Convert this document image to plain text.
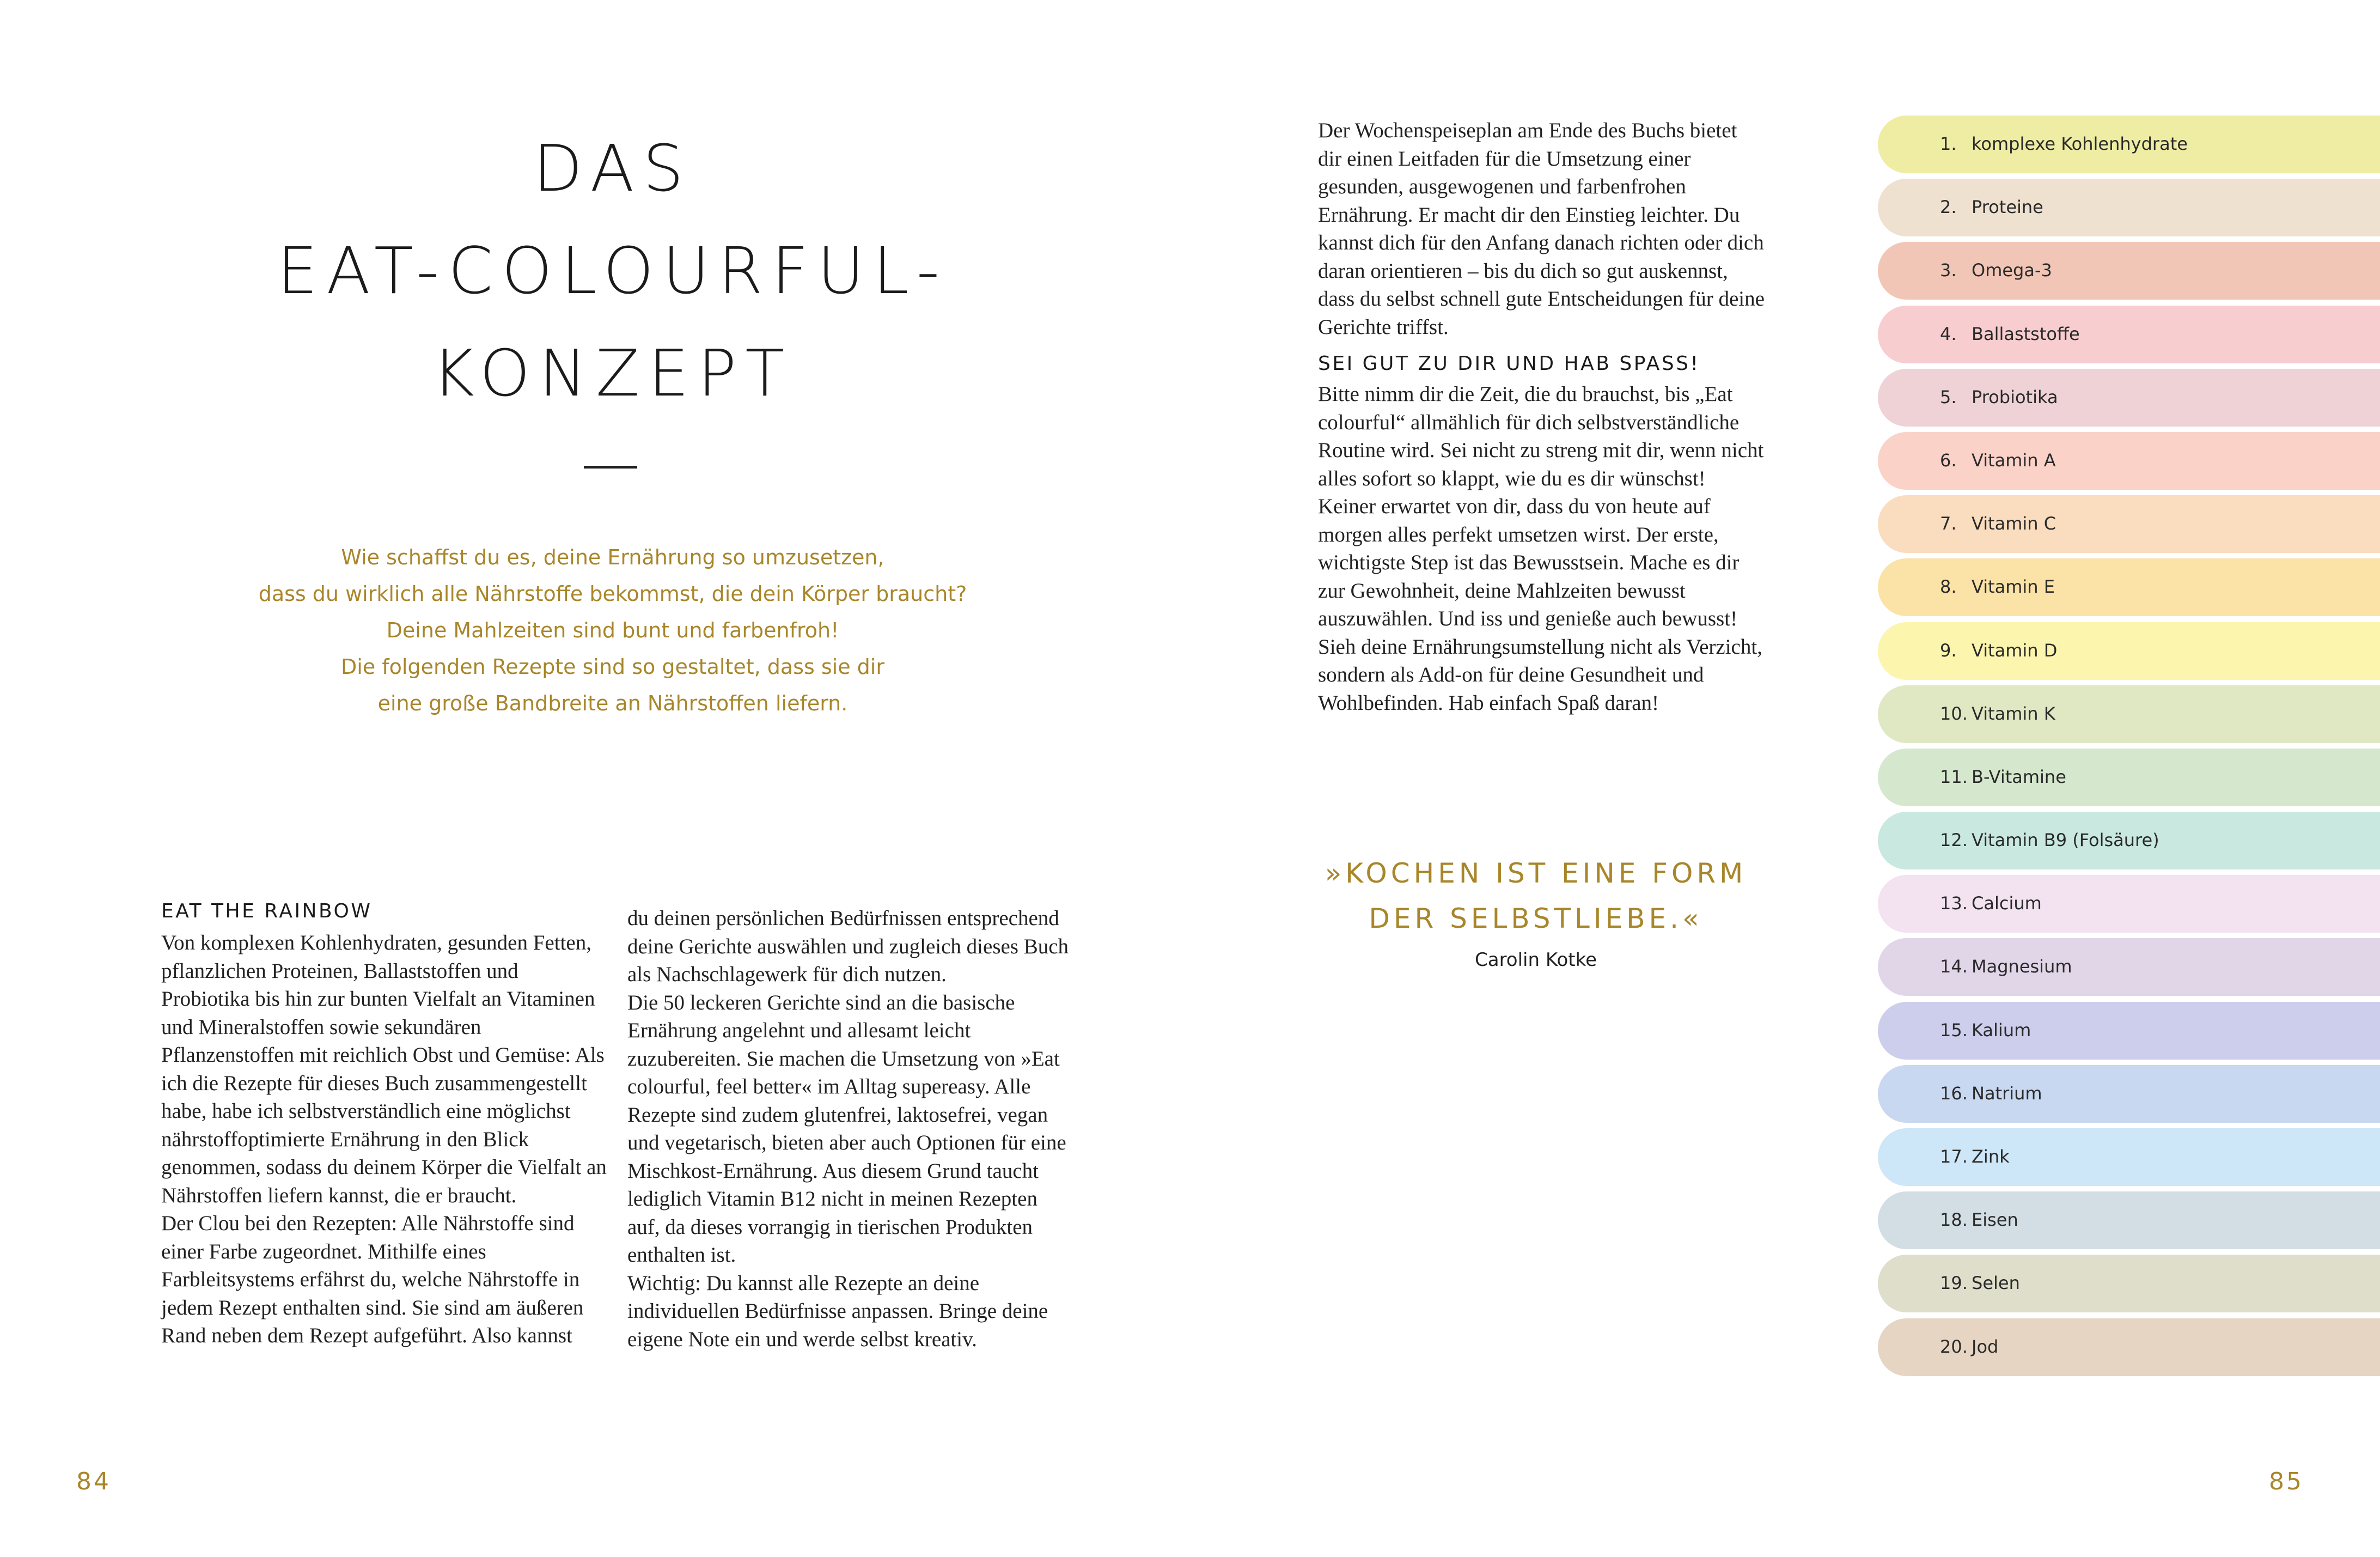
DAS
EAT-COLOURFUL-
KONZEPT
Wie schaffst du es, deine Ernährung so umzusetzen,
dass du wirklich alle Nährstoffe bekommst, die dein Körper braucht?
Deine Mahlzeiten sind bunt und farbenfroh!
Die folgenden Rezepte sind so gestaltet, dass sie dir
eine große Bandbreite an Nährstoffen liefern.
EAT THE RAINBOW

Von komplexen Kohlenhydraten, gesunden Fetten, pflanzlichen Proteinen, Ballaststoffen und Probiotika bis hin zur bunten Vielfalt an Vitaminen und Mineralstoffen sowie sekundären Pflanzenstoffen mit reichlich Obst und Gemüse: Als ich die Rezepte für dieses Buch zusammengestellt habe, habe ich selbstverständlich eine möglichst nährstoffoptimierte Ernährung in den Blick genommen, sodass du deinem Körper die Vielfalt an Nährstoffen liefern kannst, die er braucht.

Der Clou bei den Rezepten: Alle Nährstoffe sind einer Farbe zugeordnet. Mithilfe eines Farbleitsystems erfährst du, welche Nährstoffe in jedem Rezept enthalten sind. Sie sind am äußeren Rand neben dem Rezept aufgeführt. Also kannst

du deinen persönlichen Bedürfnissen entsprechend deine Gerichte auswählen und zugleich dieses Buch als Nachschlagewerk für dich nutzen.

Die 50 leckeren Gerichte sind an die basische Ernährung angelehnt und allesamt leicht zuzubereiten. Sie machen die Umsetzung von »Eat colourful, feel better« im Alltag supereasy. Alle Rezepte sind zudem glutenfrei, laktosefrei, vegan und vegetarisch, bieten aber auch Optionen für eine Mischkost-Ernährung. Aus diesem Grund taucht lediglich Vitamin B12 nicht in meinen Rezepten auf, da dieses vorrangig in tierischen Produkten enthalten ist.

Wichtig: Du kannst alle Rezepte an deine individuellen Bedürfnisse anpassen. Bringe deine eigene Note ein und werde selbst kreativ.

84

Der Wochenspeiseplan am Ende des Buchs bietet dir einen Leitfaden für die Umsetzung einer gesunden, ausgewogenen und farbenfrohen Ernährung. Er macht dir den Einstieg leichter. Du kannst dich für den Anfang danach richten oder dich daran orientieren – bis du dich so gut auskennst, dass du selbst schnell gute Entscheidungen für deine Gerichte triffst.

SEI GUT ZU DIR UND HAB SPASS!

Bitte nimm dir die Zeit, die du brauchst, bis „Eat colourful“ allmählich für dich selbstverständliche Routine wird. Sei nicht zu streng mit dir, wenn nicht alles sofort so klappt, wie du es dir wünschst! Keiner erwartet von dir, dass du von heute auf morgen alles perfekt umsetzen wirst. Der erste, wichtigste Step ist das Bewusstsein. Mache es dir zur Gewohnheit, deine Mahlzeiten bewusst auszuwählen. Und iss und genieße auch bewusst! Sieh deine Ernährungsumstellung nicht als Verzicht, sondern als Add-on für deine Gesundheit und Wohlbefinden. Hab einfach Spaß daran!

»KOCHEN IST EINE FORM
DER SELBSTLIEBE.«
Carolin Kotke
1. komplexe Kohlenhydrate
2. Proteine
3. Omega-3
4. Ballaststoffe
5. Probiotika
6. Vitamin A
7. Vitamin C
8. Vitamin E
9. Vitamin D
10. Vitamin K
11. B-Vitamine
12. Vitamin B9 (Folsäure)
13. Calcium
14. Magnesium
15. Kalium
16. Natrium
17. Zink
18. Eisen
19. Selen
20. Jod
85
